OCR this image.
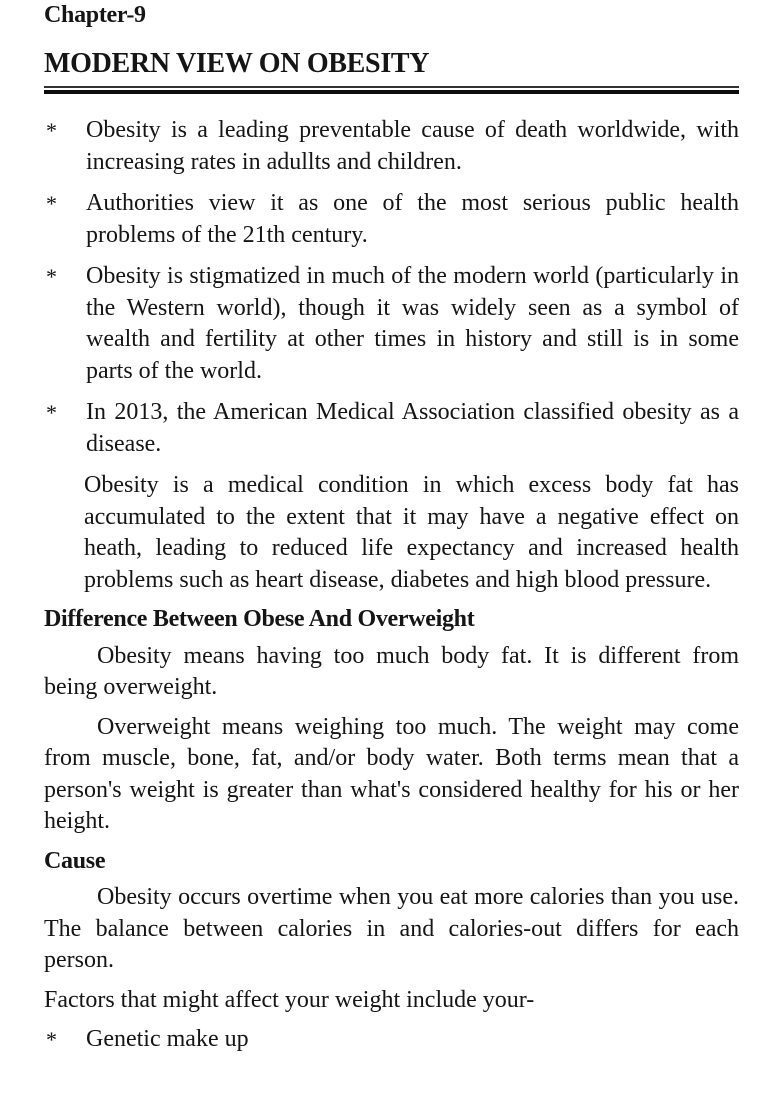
Chapter-9
MODERN VIEW ON OBESITY
*	Obesity is a leading preventable cause of death worldwide, with increasing rates in adullts and children.
*	Authorities view it as one of the most serious public health problems of the 21th century.
*	Obesity is stigmatized in much of the modern world (particularly in the Western world), though it was widely seen as a symbol of wealth and fertility at other times in history and still is in some parts of the world.
*	In 2013, the American Medical Association classified obesity as a disease.
Obesity is a medical condition in which excess body fat has accumulated to the extent that it may have a negative effect on heath, leading to reduced life expectancy and increased health problems such as heart disease, diabetes and high blood pressure.
Difference Between Obese And Overweight
Obesity means having too much body fat. It is different from being overweight.
Overweight means weighing too much. The weight may come from muscle, bone, fat, and/or body water. Both terms mean that a person's weight is greater than what's considered healthy for his or her height.
Cause
Obesity occurs overtime when you eat more calories than you use. The balance between calories in and calories-out differs for each person.
Factors that might affect your weight include your-
*	Genetic make up
